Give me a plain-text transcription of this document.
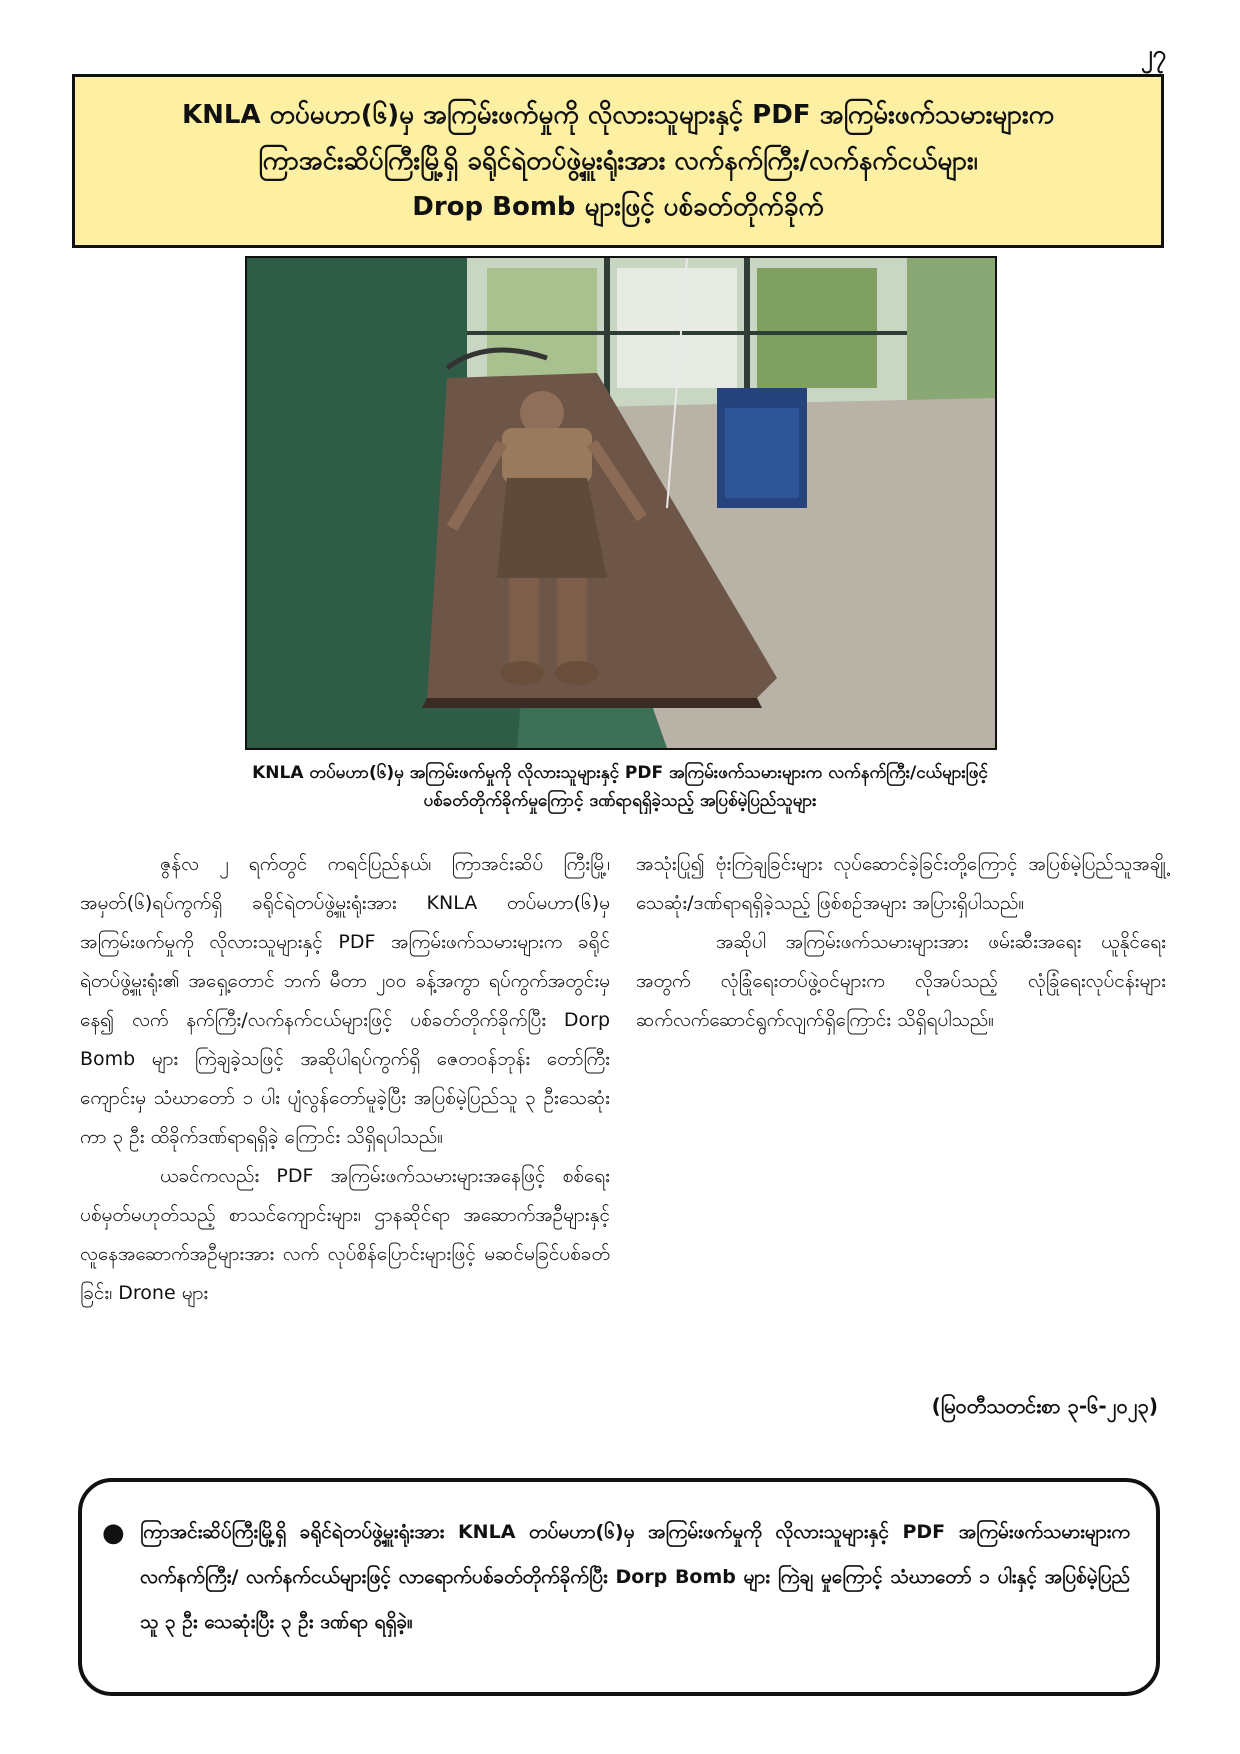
၂၇
KNLA တပ်မဟာ(၆)မှ အကြမ်းဖက်မှုကို လိုလားသူများနှင့် PDF အကြမ်းဖက်သမားများက
ကြာအင်းဆိပ်ကြီးမြို့ရှိ ခရိုင်ရဲတပ်ဖွဲ့မှူးရုံးအား လက်နက်ကြီး/လက်နက်ငယ်များ၊
Drop Bomb များဖြင့် ပစ်ခတ်တိုက်ခိုက်
KNLA တပ်မဟာ(၆)မှ အကြမ်းဖက်မှုကို လိုလားသူများနှင့် PDF အကြမ်းဖက်သမားများက လက်နက်ကြီး/ငယ်များဖြင့်
ပစ်ခတ်တိုက်ခိုက်မှုကြောင့် ဒဏ်ရာရရှိခဲ့သည့် အပြစ်မဲ့ပြည်သူများ

ဇွန်လ ၂ ရက်တွင် ကရင်ပြည်နယ်၊ ကြာအင်းဆိပ် ကြီးမြို့၊ အမှတ်(၆)ရပ်ကွက်ရှိ ခရိုင်ရဲတပ်ဖွဲ့မှူးရုံးအား KNLA တပ်မဟာ(၆)မှ အကြမ်းဖက်မှုကို လိုလားသူများနှင့် PDF အကြမ်းဖက်သမားများက ခရိုင်ရဲတပ်ဖွဲ့မှူးရုံး၏ အရှေ့တောင် ဘက် မီတာ ၂၀၀ ခန့်အကွာ ရပ်ကွက်အတွင်းမှနေ၍ လက် နက်ကြီး/လက်နက်ငယ်များဖြင့် ပစ်ခတ်တိုက်ခိုက်ပြီး Dorp Bomb များ ကြဲချခဲ့သဖြင့် အဆိုပါရပ်ကွက်ရှိ ဇေတဝန်ဘုန်း တော်ကြီးကျောင်းမှ သံဃာတော် ၁ ပါး ပျံလွန်တော်မူခဲ့ပြီး အပြစ်မဲ့ပြည်သူ ၃ ဦးသေဆုံးကာ ၃ ဦး ထိခိုက်ဒဏ်ရာရရှိခဲ့ ကြောင်း သိရှိရပါသည်။

ယခင်ကလည်း PDF အကြမ်းဖက်သမားများအနေဖြင့် စစ်ရေးပစ်မှတ်မဟုတ်သည့် စာသင်ကျောင်းများ၊ ဌာနဆိုင်ရာ အဆောက်အဦများနှင့် လူနေအဆောက်အဦများအား လက် လုပ်စိန်ပြောင်းများဖြင့် မဆင်မခြင်ပစ်ခတ်ခြင်း၊ Drone များ

အသုံးပြု၍ ဗုံးကြဲချခြင်းများ လုပ်ဆောင်ခဲ့ခြင်းတို့ကြောင့် အပြစ်မဲ့ပြည်သူအချို့ သေဆုံး/ဒဏ်ရာရရှိခဲ့သည့် ဖြစ်စဉ်အများ အပြားရှိပါသည်။

အဆိုပါ အကြမ်းဖက်သမားများအား ဖမ်းဆီးအရေး ယူနိုင်ရေးအတွက် လုံခြုံရေးတပ်ဖွဲ့ဝင်များက လိုအပ်သည့် လုံခြုံရေးလုပ်ငန်းများ ဆက်လက်ဆောင်ရွက်လျက်ရှိကြောင်း သိရှိရပါသည်။

(မြဝတီသတင်းစာ ၃-၆-၂၀၂၃)
● ကြာအင်းဆိပ်ကြီးမြို့ရှိ ခရိုင်ရဲတပ်ဖွဲ့မှူးရုံးအား KNLA တပ်မဟာ(၆)မှ အကြမ်းဖက်မှုကို လိုလားသူများနှင့် PDF အကြမ်းဖက်သမားများက လက်နက်ကြီး/ လက်နက်ငယ်များဖြင့် လာရောက်ပစ်ခတ်တိုက်ခိုက်ပြီး Dorp Bomb များ ကြဲချ မှုကြောင့် သံဃာတော် ၁ ပါးနှင့် အပြစ်မဲ့ပြည်သူ ၃ ဦး သေဆုံးပြီး ၃ ဦး ဒဏ်ရာ ရရှိခဲ့။
